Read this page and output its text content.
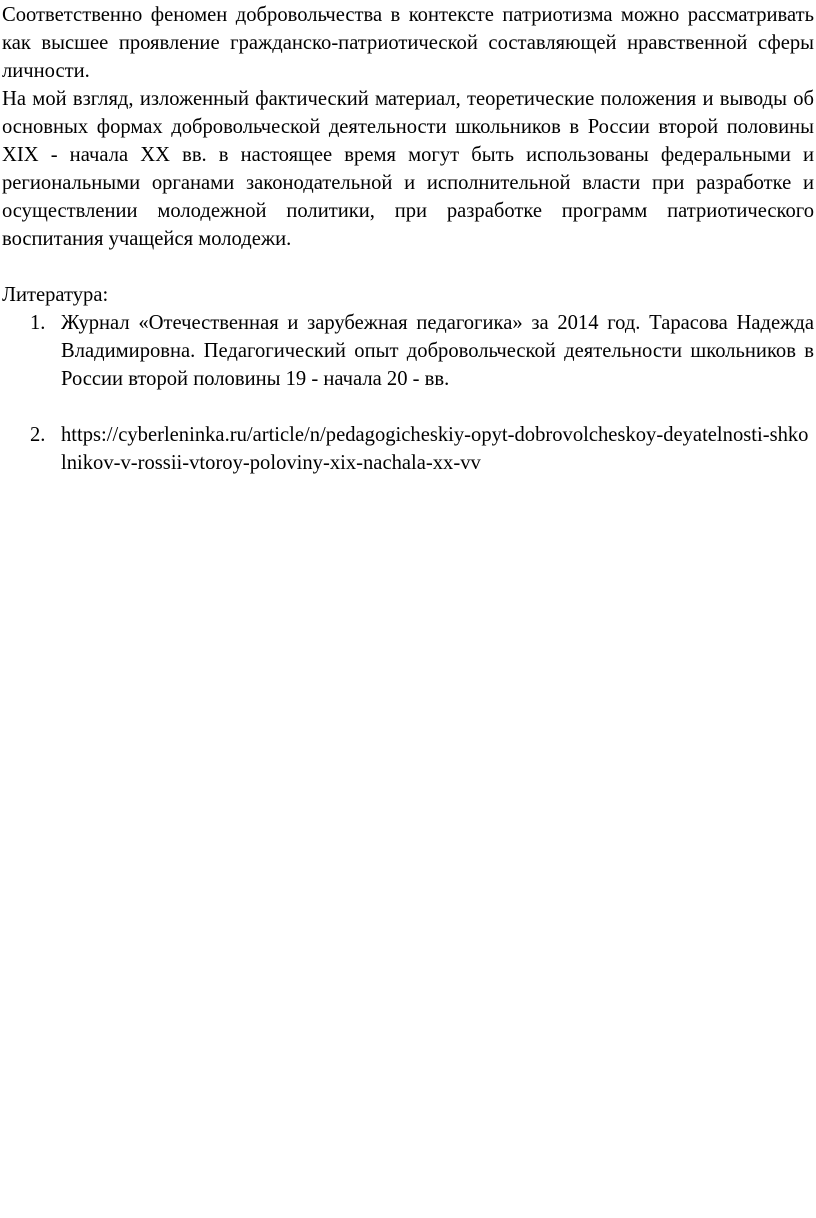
Соответственно феномен добровольчества в контексте патриотизма можно рассматривать как высшее проявление гражданско-патриотической составляющей нравственной сферы личности.

На мой взгляд, изложенный фактический материал, теоретические положения и выводы об основных формах добровольческой деятельности школьников в России второй половины XIX - начала XX вв. в настоящее время могут быть использованы федеральными и региональными органами законодательной и исполнительной власти при разработке и осуществлении молодежной политики, при разработке программ патриотического воспитания учащейся молодежи.

Литература:

1. Журнал «Отечественная и зарубежная педагогика» за 2014 год. Тарасова Надежда Владимировна. Педагогический опыт добровольческой деятельности школьников в России второй половины 19 - начала 20 - вв.
2. https://cyberleninka.ru/article/n/pedagogicheskiy-opyt-dobrovolcheskoy-deyatelnosti-shkolnikov-v-rossii-vtoroy-poloviny-xix-nachala-xx-vv
